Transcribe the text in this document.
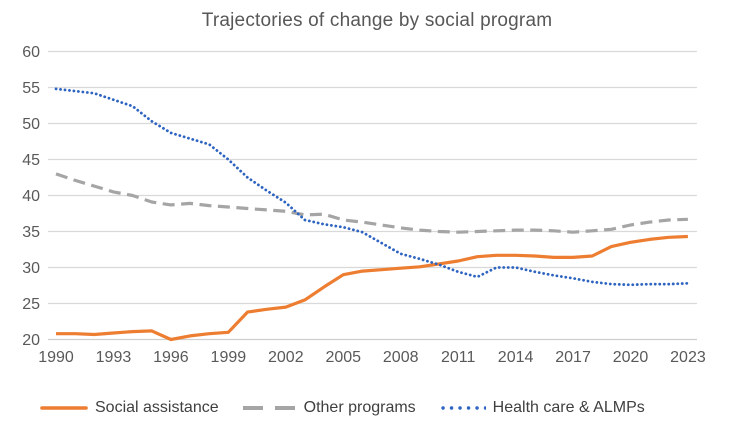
Trajectories of change by social program
20
25
30
35
40
45
50
55
60
1990 1993 1996 1999 2002 2005 2008 2011 2014 2017 2020 2023
Social assistance	Other programs	Health care & ALMPs
